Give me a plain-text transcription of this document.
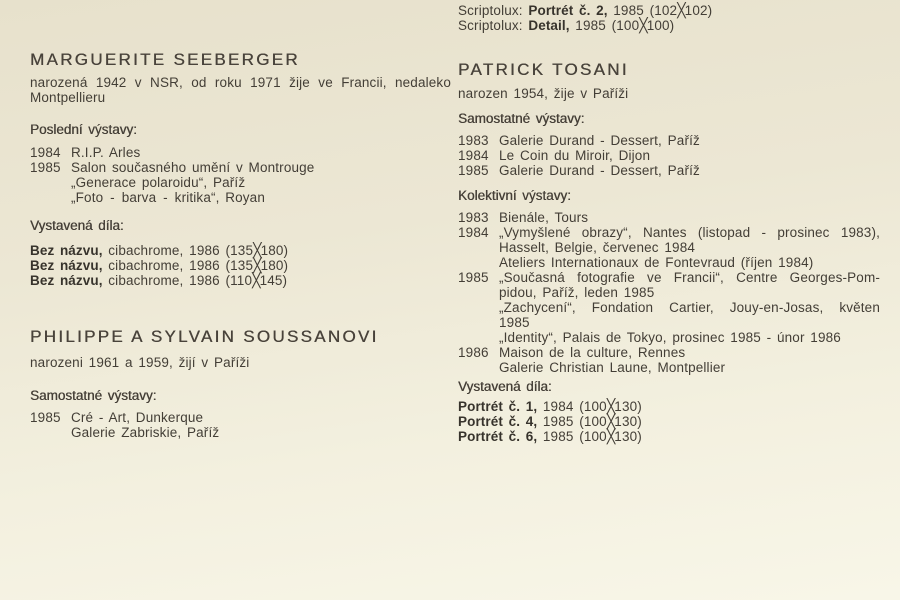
MARGUERITE SEEBERGER
narozená 1942 v NSR, od roku 1971 žije ve Francii, nedaleko
Montpellieru
Poslední výstavy:
1984 R.I.P. Arles
1985 Salon současného umění v Montrouge
„Generace polaroidu“, Paříž
„Foto - barva - kritika“, Royan
Vystavená díla:
Bez názvu, cibachrome, 1986 (135╳180)
Bez názvu, cibachrome, 1986 (135╳180)
Bez názvu, cibachrome, 1986 (110╳145)
PHILIPPE A SYLVAIN SOUSSANOVI
narozeni 1961 a 1959, žijí v Paříži
Samostatné výstavy:
1985 Cré - Art, Dunkerque
Galerie Zabriskie, Paříž
Scriptolux: Portrét č. 2, 1985 (102╳102)
Scriptolux: Detail, 1985 (100╳100)
PATRICK TOSANI
narozen 1954, žije v Paříži
Samostatné výstavy:
1983 Galerie Durand - Dessert, Paříž
1984 Le Coin du Miroir, Dijon
1985 Galerie Durand - Dessert, Paříž
Kolektivní výstavy:
1983 Bienále, Tours
1984 „Vymyšlené obrazy“, Nantes (listopad - prosinec 1983),
Hasselt, Belgie, červenec 1984
Ateliers Internationaux de Fontevraud (říjen 1984)
1985 „Současná fotografie ve Francii“, Centre Georges-Pom-
pidou, Paříž, leden 1985
„Zachycení“, Fondation Cartier, Jouy-en-Josas, květen
1985
„Identity“, Palais de Tokyo, prosinec 1985 - únor 1986
1986 Maison de la culture, Rennes
Galerie Christian Laune, Montpellier
Vystavená díla:
Portrét č. 1, 1984 (100╳130)
Portrét č. 4, 1985 (100╳130)
Portrét č. 6, 1985 (100╳130)
